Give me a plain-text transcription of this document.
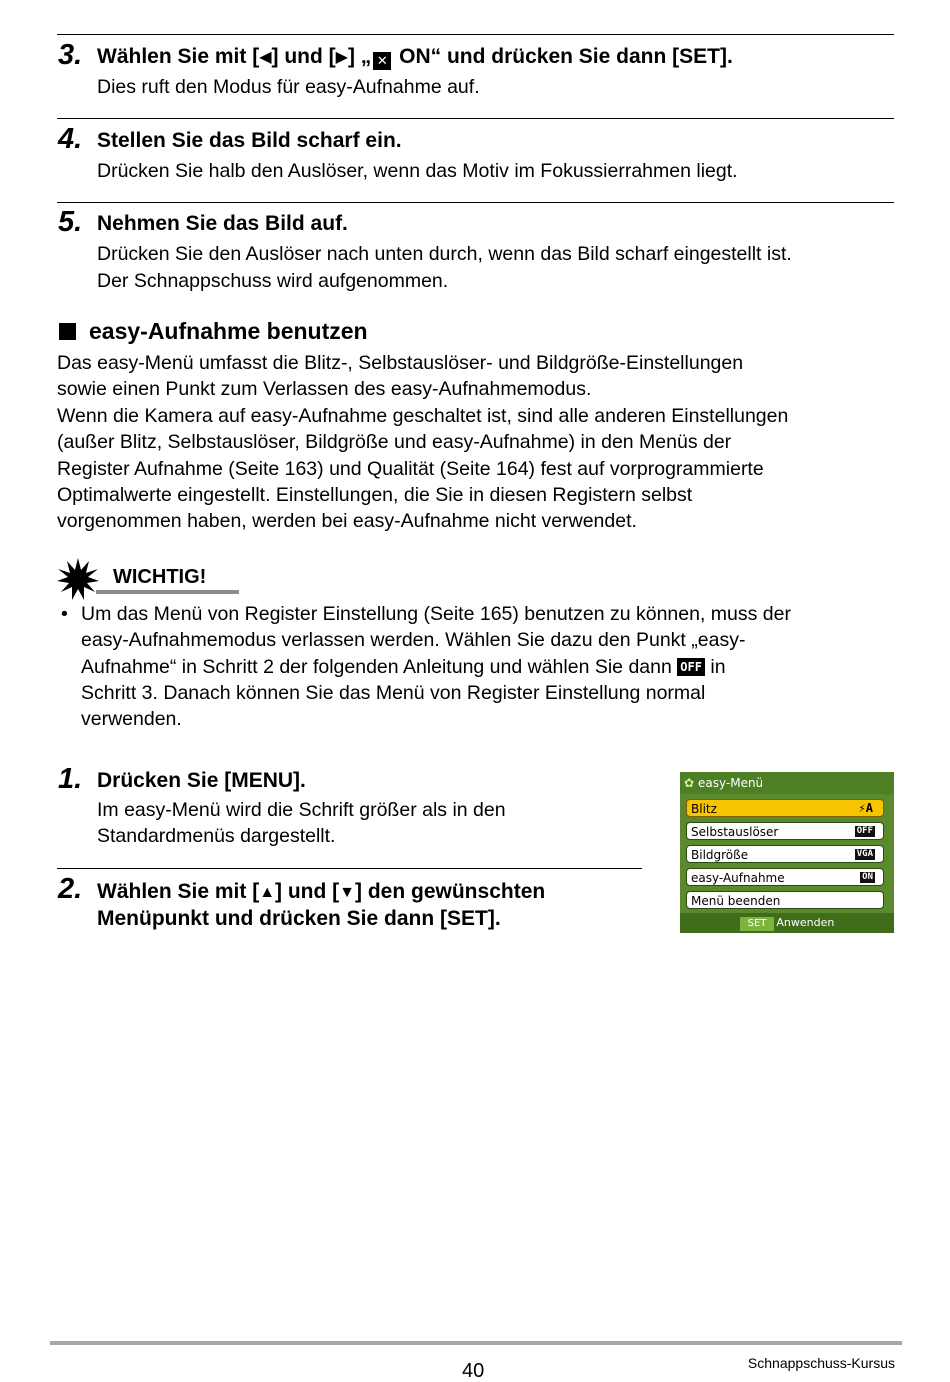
3. Wählen Sie mit [◀] und [▶] „ ✕ ON“ und drücken Sie dann [SET].
Dies ruft den Modus für easy-Aufnahme auf.
4. Stellen Sie das Bild scharf ein.
Drücken Sie halb den Auslöser, wenn das Motiv im Fokussierrahmen liegt.
5. Nehmen Sie das Bild auf.
Drücken Sie den Auslöser nach unten durch, wenn das Bild scharf eingestellt ist.
Der Schnappschuss wird aufgenommen.
easy-Aufnahme benutzen
Das easy-Menü umfasst die Blitz-, Selbstauslöser- und Bildgröße-Einstellungen
sowie einen Punkt zum Verlassen des easy-Aufnahmemodus.
Wenn die Kamera auf easy-Aufnahme geschaltet ist, sind alle anderen Einstellungen
(außer Blitz, Selbstauslöser, Bildgröße und easy-Aufnahme) in den Menüs der
Register Aufnahme (Seite 163) und Qualität (Seite 164) fest auf vorprogrammierte
Optimalwerte eingestellt. Einstellungen, die Sie in diesen Registern selbst
vorgenommen haben, werden bei easy-Aufnahme nicht verwendet.
WICHTIG!
• Um das Menü von Register Einstellung (Seite 165) benutzen zu können, muss der
easy-Aufnahmemodus verlassen werden. Wählen Sie dazu den Punkt „easy-
Aufnahme“ in Schritt 2 der folgenden Anleitung und wählen Sie dann OFF in
Schritt 3. Danach können Sie das Menü von Register Einstellung normal
verwenden.
1. Drücken Sie [MENU].
Im easy-Menü wird die Schrift größer als in den
Standardmenüs dargestellt.
2. Wählen Sie mit [▲] und [▼] den gewünschten
Menüpunkt und drücken Sie dann [SET].
✿ easy-Menü
Blitz	⚡A
Selbstauslöser	OFF
Bildgröße	VGA
easy-Aufnahme	ON
Menü beenden
SET Anwenden
40	Schnappschuss-Kursus
